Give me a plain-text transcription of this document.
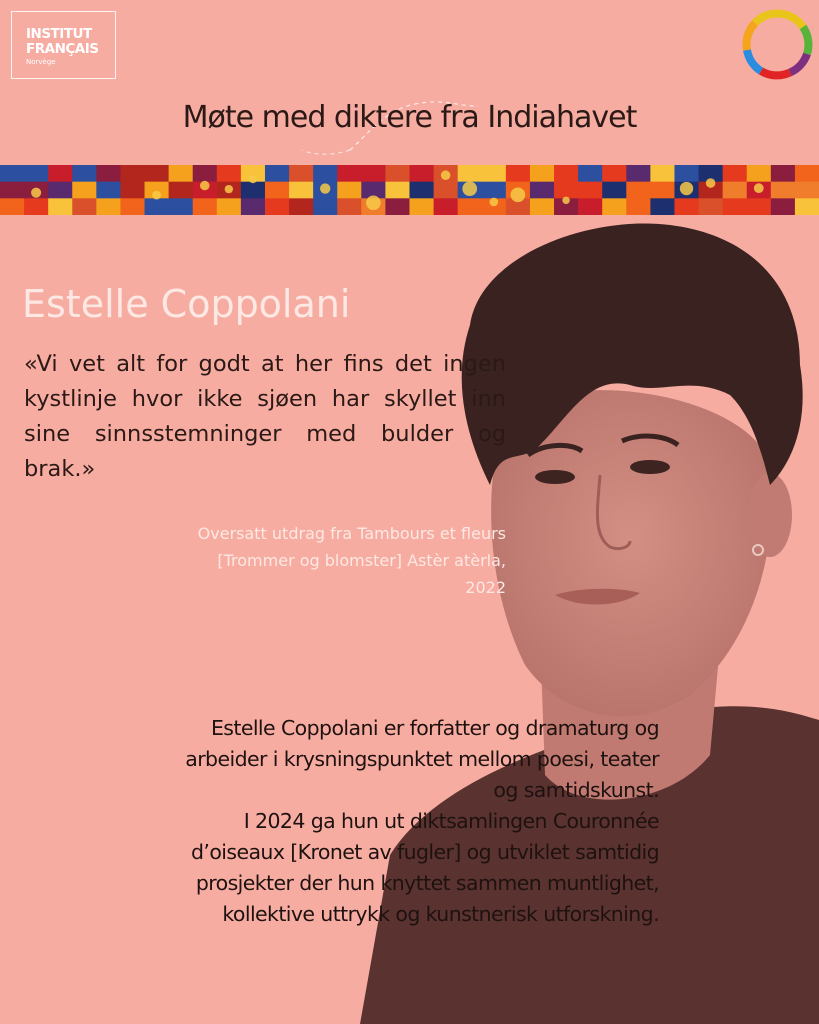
INSTITUT
FRANÇAIS
Norvège
Møte med diktere fra Indiahavet
Estelle Coppolani

«Vi vet alt for godt at her fins det ingen kystlinje hvor ikke sjøen har skyllet inn sine sinnsstemninger med bulder og brak.»

Oversatt utdrag fra Tambours et fleurs
[Trommer og blomster] Astèr atèrla,
2022
Estelle Coppolani er forfatter og dramaturg og
arbeider i krysningspunktet mellom poesi, teater
og samtidskunst.
I 2024 ga hun ut diktsamlingen Couronnée
d’oiseaux [Kronet av fugler] og utviklet samtidig
prosjekter der hun knyttet sammen muntlighet,
kollektive uttrykk og kunstnerisk utforskning.
